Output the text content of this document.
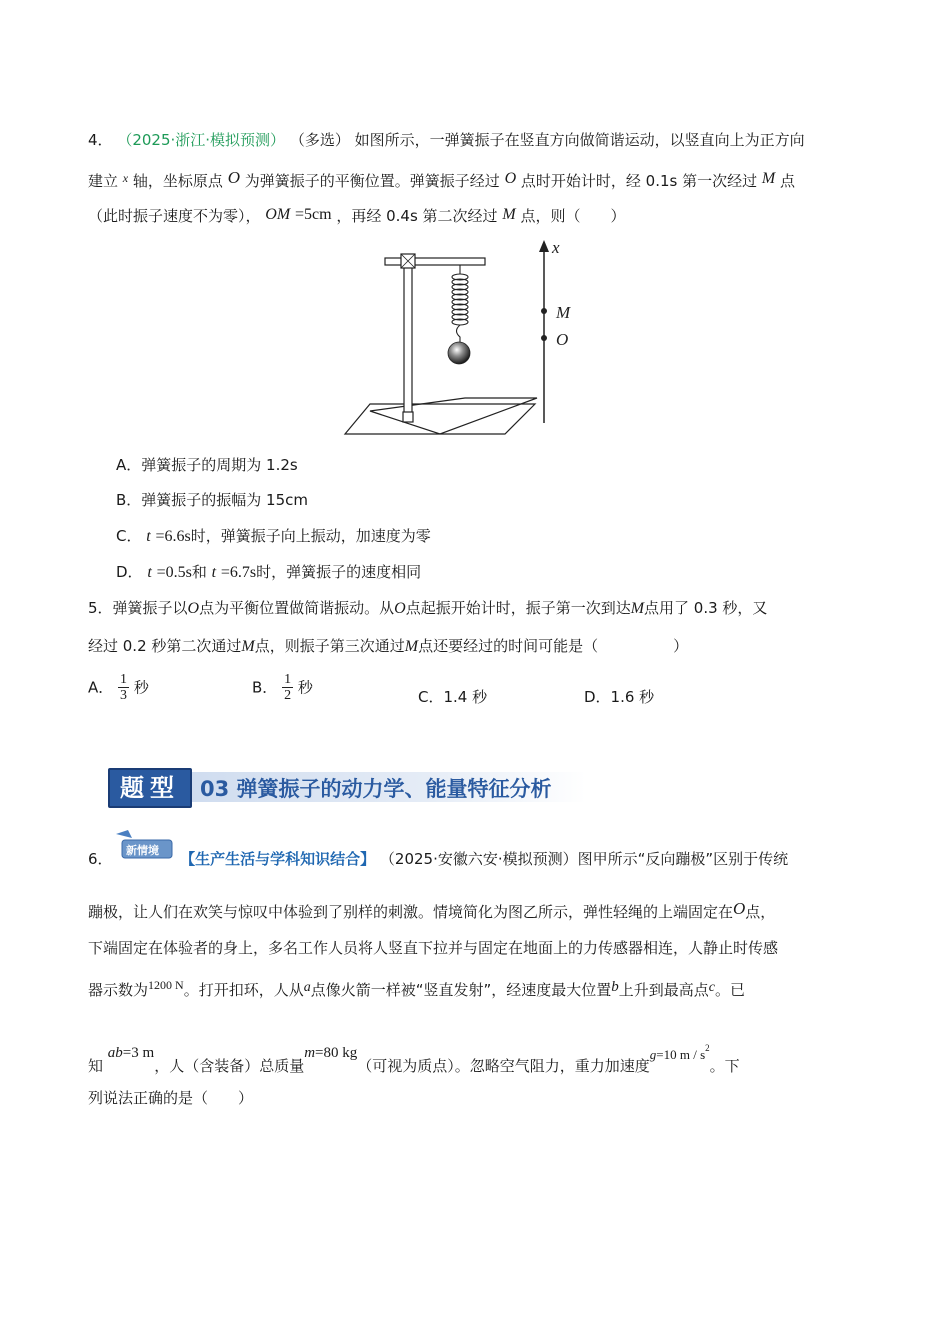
4． （2025·浙江·模拟预测） （多选） 如图所示，一弹簧振子在竖直方向做简谐运动，以竖直向上为正方向
建立 $^x$ 轴，坐标原点 O 为弹簧振子的平衡位置。弹簧振子经过 O 点时开始计时，经 0.1s 第一次经过 M 点
（此时振子速度不为零）， OM =5cm ，再经 0.4s 第二次经过 M 点，则（　　）
x
M
O
A．弹簧振子的周期为 1.2s
B．弹簧振子的振幅为 15cm
C． t =6.6s时，弹簧振子向上振动，加速度为零
D． t =0.5s和 t =6.7s时，弹簧振子的速度相同
5．弹簧振子以O点为平衡位置做简谐振动。从O点起振开始计时，振子第一次到达M点用了 0.3 秒，又
经过 0.2 秒第二次通过M点，则振子第三次通过M点还要经过的时间可能是（　　　　　）
A． $\frac{1}{3}$ 秒	B． $\frac{1}{2}$ 秒
C．1.4 秒	D．1.6 秒
题型 03 弹簧振子的动力学、能量特征分析
新情境
6．	【生产生活与学科知识结合】 （2025·安徽六安·模拟预测）图甲所示“反向蹦极”区别于传统
蹦极，让人们在欢笑与惊叹中体验到了别样的刺激。情境简化为图乙所示，弹性轻绳的上端固定在O点，
下端固定在体验者的身上，多名工作人员将人竖直下拉并与固定在地面上的力传感器相连，人静止时传感
器示数为$^{1200 N}$。打开扣环，人从a点像火箭一样被“竖直发射”，经速度最大位置b上升到最高点c。已
知 ab=3 m，人（含装备）总质量m=80 kg（可视为质点）。忽略空气阻力，重力加速度g=10 m / $s^2$。下
列说法正确的是（　　）
